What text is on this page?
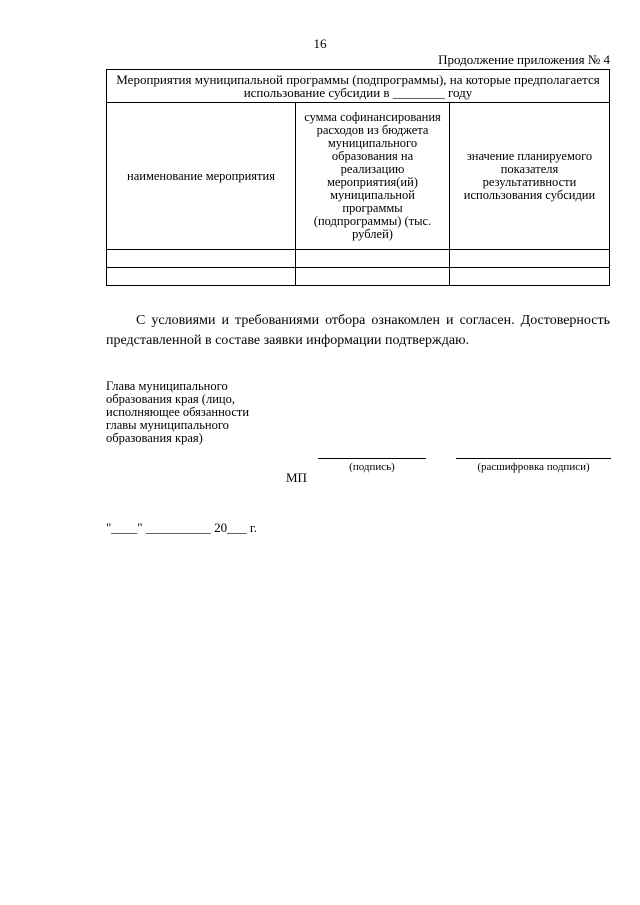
16
Продолжение приложения № 4
Мероприятия муниципальной программы (подпрограммы), на которые предполагается использование субсидии в ________ году		
наименование мероприятия	сумма софинансирования расходов из бюджета муниципального образования на реализацию мероприятия(ий) муниципальной программы (подпрограммы) (тыс. рублей)	значение планируемого показателя результативности использования субсидии

С условиями и требованиями отбора ознакомлен и согласен. Достоверность представленной в составе заявки информации подтверждаю.

Глава муниципального образования края (лицо, исполняющее обязанности главы муниципального образования края)
(подпись)	(расшифровка подписи)
МП
"____" __________ 20___ г.
